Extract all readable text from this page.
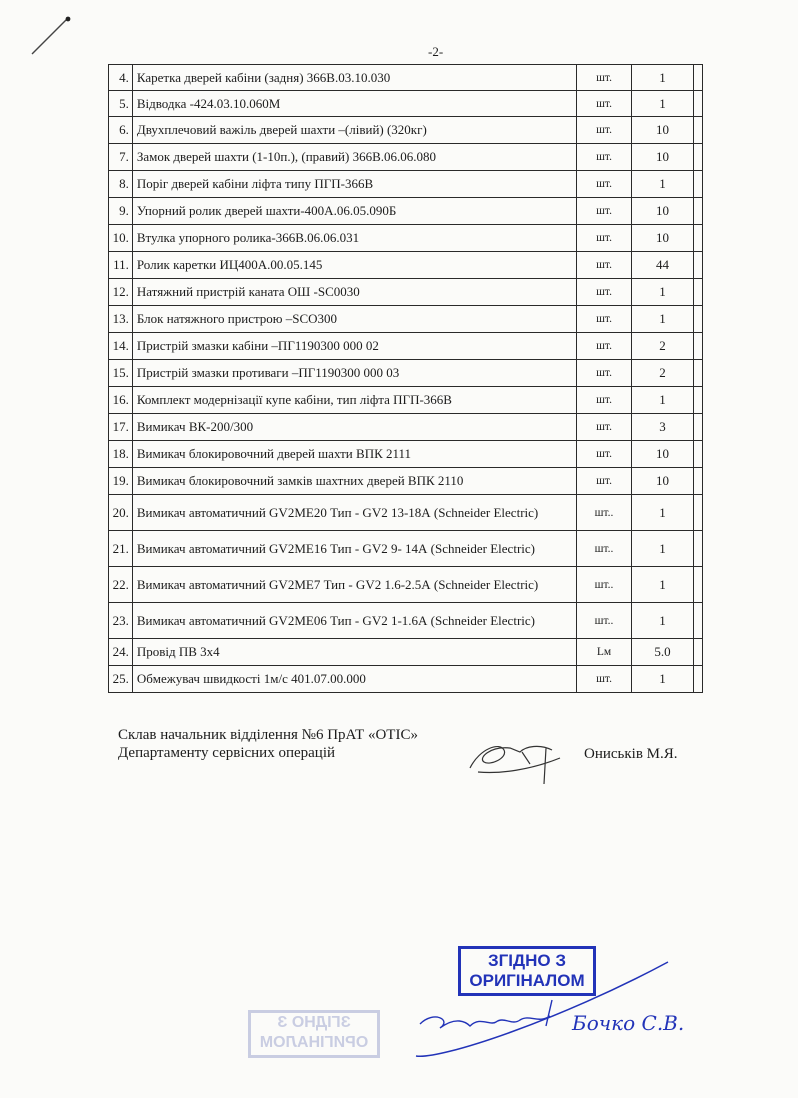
-2-
4.	Каретка дверей кабіни (задня) 366В.03.10.030	шт.	1	
5.	Відводка -424.03.10.060М	шт.	1	
6.	Двухплечовий важіль дверей шахти –(лівий) (320кг)	шт.	10	
7.	Замок дверей шахти (1-10п.), (правий) 366В.06.06.080	шт.	10	
8.	Поріг дверей кабіни ліфта типу ПГП-366В	шт.	1	
9.	Упорний ролик дверей шахти-400А.06.05.090Б	шт.	10	
10.	Втулка упорного ролика-366В.06.06.031	шт.	10	
11.	Ролик каретки ИЦ400А.00.05.145	шт.	44	
12.	Натяжний пристрій каната ОШ -SC0030	шт.	1	
13.	Блок натяжного пристрою –SCO300	шт.	1	
14.	Пристрій змазки кабіни –ПГ1190300 000 02	шт.	2	
15.	Пристрій змазки противаги –ПГ1190300 000 03	шт.	2	
16.	Комплект модернізації купе кабіни, тип ліфта ПГП-366В	шт.	1	
17.	Вимикач ВК-200/300	шт.	3	
18.	Вимикач блокировочний дверей шахти ВПК 2111	шт.	10	
19.	Вимикач блокировочний замків шахтних дверей ВПК 2110	шт.	10	
20.	Вимикач автоматичний GV2ME20 Тип - GV2 13-18А (Schneider Electric)	шт..	1	
21.	Вимикач автоматичний GV2ME16 Тип - GV2 9- 14А (Schneider Electric)	шт..	1	
22.	Вимикач автоматичний GV2ME7 Тип - GV2 1.6-2.5А (Schneider Electric)	шт..	1	
23.	Вимикач автоматичний GV2ME06 Тип - GV2 1-1.6А (Schneider Electric)	шт..	1	
24.	Провід ПВ 3х4	Lм	5.0	
25.	Обмежувач швидкості 1м/с 401.07.00.000	шт.	1	
Склав начальник відділення №6 ПрАТ «ОТІС»
Департаменту сервісних операцій	Ониськів М.Я.
ЗГІДНО З
ОРИГІНАЛОМ
ЗГІДНО З
ОРИГІНАЛОМ
Бочко С.В.
